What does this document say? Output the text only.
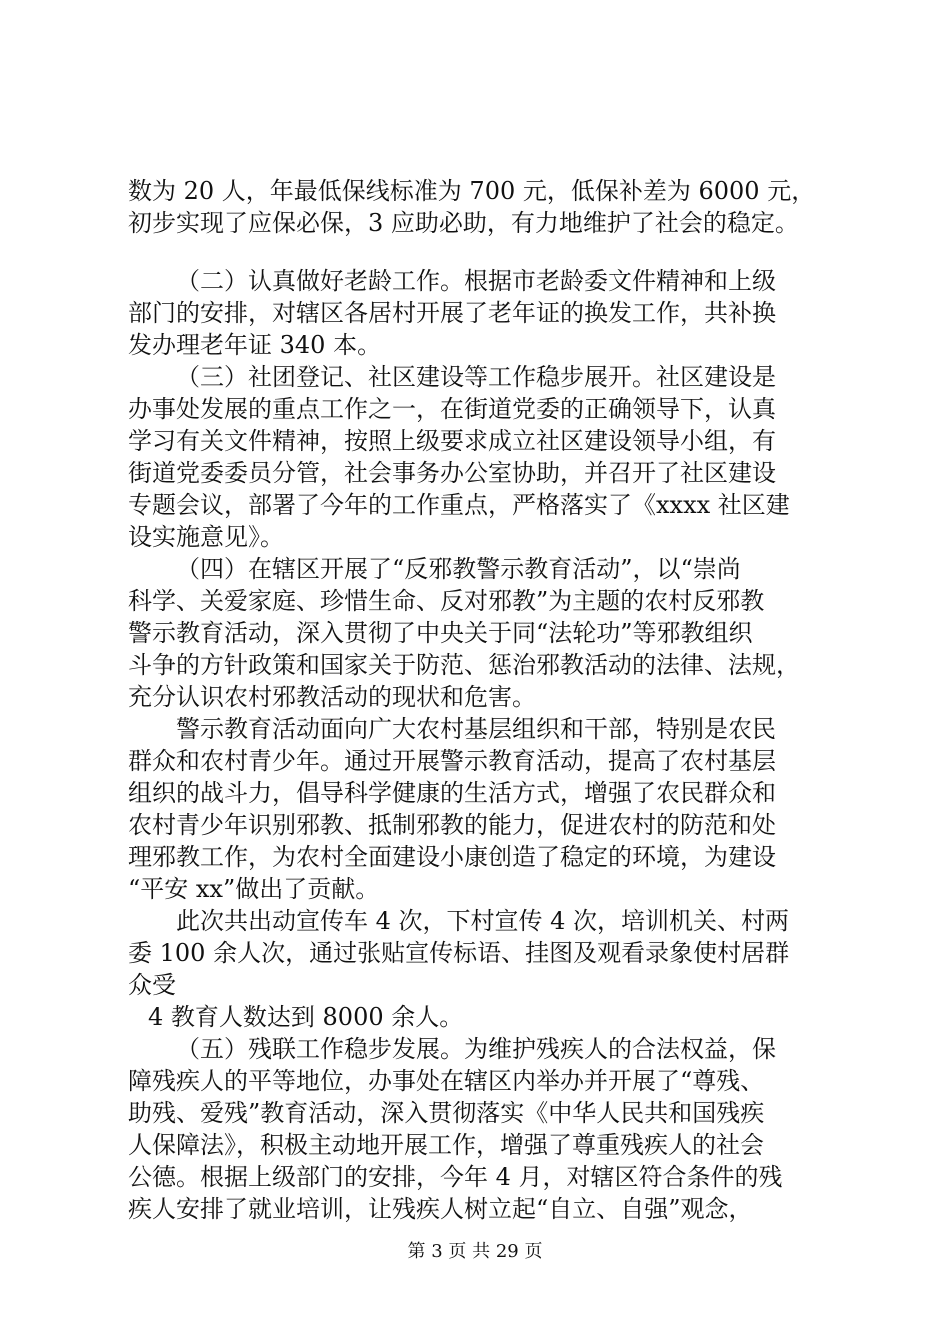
数为 20 人，年最低保线标准为 700 元，低保补差为 6000 元，

初步实现了应保必保，3 应助必助，有力地维护了社会的稳定。

（二）认真做好老龄工作。根据市老龄委文件精神和上级

部门的安排，对辖区各居村开展了老年证的换发工作，共补换

发办理老年证 340 本。

（三）社团登记、社区建设等工作稳步展开。社区建设是

办事处发展的重点工作之一，在街道党委的正确领导下，认真

学习有关文件精神，按照上级要求成立社区建设领导小组，有

街道党委委员分管，社会事务办公室协助，并召开了社区建设

专题会议，部署了今年的工作重点，严格落实了《xxxx 社区建

设实施意见》。

（四）在辖区开展了“反邪教警示教育活动”，以“崇尚

科学、关爱家庭、珍惜生命、反对邪教”为主题的农村反邪教

警示教育活动，深入贯彻了中央关于同“法轮功”等邪教组织

斗争的方针政策和国家关于防范、惩治邪教活动的法律、法规，

充分认识农村邪教活动的现状和危害。

警示教育活动面向广大农村基层组织和干部，特别是农民

群众和农村青少年。通过开展警示教育活动，提高了农村基层

组织的战斗力，倡导科学健康的生活方式，增强了农民群众和

农村青少年识别邪教、抵制邪教的能力，促进农村的防范和处

理邪教工作，为农村全面建设小康创造了稳定的环境，为建设

“平安 xx”做出了贡献。

此次共出动宣传车 4 次，下村宣传 4 次，培训机关、村两

委 100 余人次，通过张贴宣传标语、挂图及观看录象使村居群

众受

4 教育人数达到 8000 余人。

（五）残联工作稳步发展。为维护残疾人的合法权益，保

障残疾人的平等地位，办事处在辖区内举办并开展了“尊残、

助残、爱残”教育活动，深入贯彻落实《中华人民共和国残疾

人保障法》，积极主动地开展工作，增强了尊重残疾人的社会

公德。根据上级部门的安排，今年 4 月，对辖区符合条件的残

疾人安排了就业培训，让残疾人树立起“自立、自强”观念，

第 3 页 共 29 页
